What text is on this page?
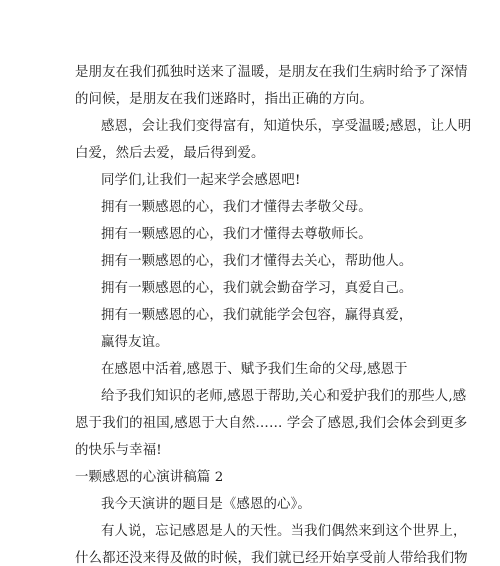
是朋友在我们孤独时送来了温暖，是朋友在我们生病时给予了深情
的问候，是朋友在我们迷路时，指出正确的方向。
感恩，会让我们变得富有，知道快乐，享受温暖;感恩，让人明
白爱，然后去爱，最后得到爱。
同学们,让我们一起来学会感恩吧!
拥有一颗感恩的心，我们才懂得去孝敬父母。
拥有一颗感恩的心，我们才懂得去尊敬师长。
拥有一颗感恩的心，我们才懂得去关心，帮助他人。
拥有一颗感恩的心，我们就会勤奋学习，真爱自己。
拥有一颗感恩的心，我们就能学会包容，赢得真爱，
赢得友谊。
在感恩中活着,感恩于、赋予我们生命的父母,感恩于
给予我们知识的老师,感恩于帮助,关心和爱护我们的那些人,感
恩于我们的祖国,感恩于大自然…… 学会了感恩,我们会体会到更多
的快乐与幸福!
一颗感恩的心演讲稿篇 2
我今天演讲的题目是《感恩的心》。
有人说，忘记感恩是人的天性。当我们偶然来到这个世界上，
什么都还没来得及做的时候，我们就已经开始享受前人带给我们物
